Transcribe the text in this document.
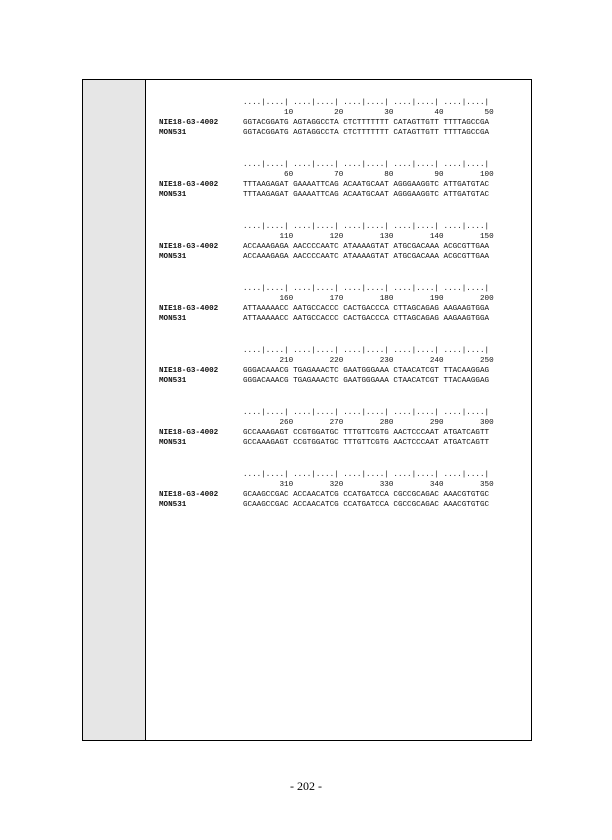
....|....| ....|....| ....|....| ....|....| ....|....|
10         20         30         40         50
NIE18-G3-4002	GGTACGGATG AGTAGGCCTA CTCTTTTTTT CATAGTTGTT TTTTAGCCGA
MON531	GGTACGGATG AGTAGGCCTA CTCTTTTTTT CATAGTTGTT TTTTAGCCGA
....|....| ....|....| ....|....| ....|....| ....|....|
60         70         80         90        100
NIE18-G3-4002	TTTAAGAGAT GAAAATTCAG ACAATGCAAT AGGGAAGGTC ATTGATGTAC
MON531	TTTAAGAGAT GAAAATTCAG ACAATGCAAT AGGGAAGGTC ATTGATGTAC
....|....| ....|....| ....|....| ....|....| ....|....|
110        120        130        140        150
NIE18-G3-4002	ACCAAAGAGA AACCCCAATC ATAAAAGTAT ATGCGACAAA ACGCGTTGAA
MON531	ACCAAAGAGA AACCCCAATC ATAAAAGTAT ATGCGACAAA ACGCGTTGAA
....|....| ....|....| ....|....| ....|....| ....|....|
160        170        180        190        200
NIE18-G3-4002	ATTAAAAACC AATGCCACCC CACTGACCCA CTTAGCAGAG AAGAAGTGGA
MON531	ATTAAAAACC AATGCCACCC CACTGACCCA CTTAGCAGAG AAGAAGTGGA
....|....| ....|....| ....|....| ....|....| ....|....|
210        220        230        240        250
NIE18-G3-4002	GGGACAAACG TGAGAAACTC GAATGGGAAA CTAACATCGT TTACAAGGAG
MON531	GGGACAAACG TGAGAAACTC GAATGGGAAA CTAACATCGT TTACAAGGAG
....|....| ....|....| ....|....| ....|....| ....|....|
260        270        280        290        300
NIE18-G3-4002	GCCAAAGAGT CCGTGGATGC TTTGTTCGTG AACTCCCAAT ATGATCAGTT
MON531	GCCAAAGAGT CCGTGGATGC TTTGTTCGTG AACTCCCAAT ATGATCAGTT
....|....| ....|....| ....|....| ....|....| ....|....|
310        320        330        340        350
NIE18-G3-4002	GCAAGCCGAC ACCAACATCG CCATGATCCA CGCCGCAGAC AAACGTGTGC
MON531	GCAAGCCGAC ACCAACATCG CCATGATCCA CGCCGCAGAC AAACGTGTGC
- 202 -
